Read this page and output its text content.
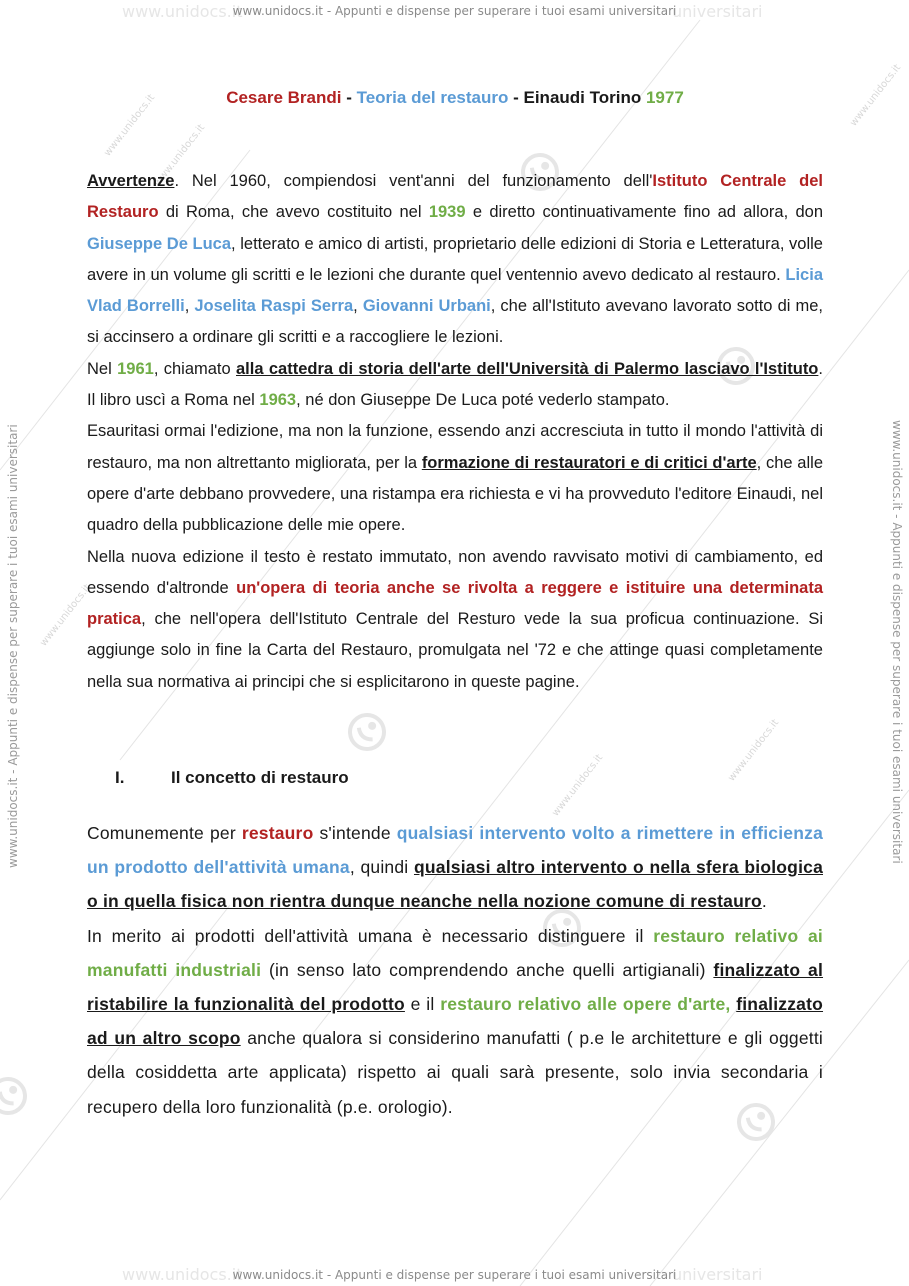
www.unidocs.it
www.unidocs.it
www.unidocs.it
www.unidocs.it
www.unidocs.it
www.unidocs.it
www.unidocs.it	universitari
www.unidocs.it	universitari
www.unidocs.it - Appunti e dispense per superare i tuoi esami universitari
www.unidocs.it - Appunti e dispense per superare i tuoi esami universitari
www.unidocs.it - Appunti e dispense per superare i tuoi esami universitari	www.unidocs.it - Appunti e dispense per superare i tuoi esami universitari
Cesare Brandi - Teoria del restauro - Einaudi Torino 1977
Avvertenze. Nel 1960, compiendosi vent'anni del funzionamento dell'Istituto Centrale del Restauro di Roma, che avevo costituito nel 1939 e diretto continuativamente fino ad allora, don Giuseppe De Luca, letterato e amico di artisti, proprietario delle edizioni di Storia e Letteratura, volle avere in un volume gli scritti e le lezioni che durante quel ventennio avevo dedicato al restauro. Licia Vlad Borrelli, Joselita Raspi Serra, Giovanni Urbani, che all'Istituto avevano lavorato sotto di me, si accinsero a ordinare gli scritti e a raccogliere le lezioni.
Nel 1961, chiamato alla cattedra di storia dell'arte dell'Università di Palermo lasciavo l'Istituto. Il libro uscì a Roma nel 1963, né don Giuseppe De Luca poté vederlo stampato.
Esauritasi ormai l'edizione, ma non la funzione, essendo anzi accresciuta in tutto il mondo l'attività di restauro, ma non altrettanto migliorata, per la formazione di restauratori e di critici d'arte, che alle opere d'arte debbano provvedere, una ristampa era richiesta e vi ha provveduto l'editore Einaudi, nel quadro della pubblicazione delle mie opere.
Nella nuova edizione il testo è restato immutato, non avendo ravvisato motivi di cambiamento, ed essendo d'altronde un'opera di teoria anche se rivolta a reggere e istituire una determinata pratica, che nell'opera dell'Istituto Centrale del Resturo vede la sua proficua continuazione. Si aggiunge solo in fine la Carta del Restauro, promulgata nel '72 e che attinge quasi completamente nella sua normativa ai principi che si esplicitarono in queste pagine.
I.	Il concetto di restauro
Comunemente per restauro s'intende qualsiasi intervento volto a rimettere in efficienza un prodotto dell'attività umana, quindi qualsiasi altro intervento o nella sfera biologica o in quella fisica non rientra dunque neanche nella nozione comune di restauro.
In merito ai prodotti dell'attività umana è necessario distinguere il restauro relativo ai manufatti industriali (in senso lato comprendendo anche quelli artigianali) finalizzato al ristabilire la funzionalità del prodotto e il restauro relativo alle opere d'arte, finalizzato ad un altro scopo anche qualora si considerino manufatti ( p.e le architetture e gli oggetti della cosiddetta arte applicata) rispetto ai quali sarà presente, solo invia secondaria i recupero della loro funzionalità (p.e. orologio).
